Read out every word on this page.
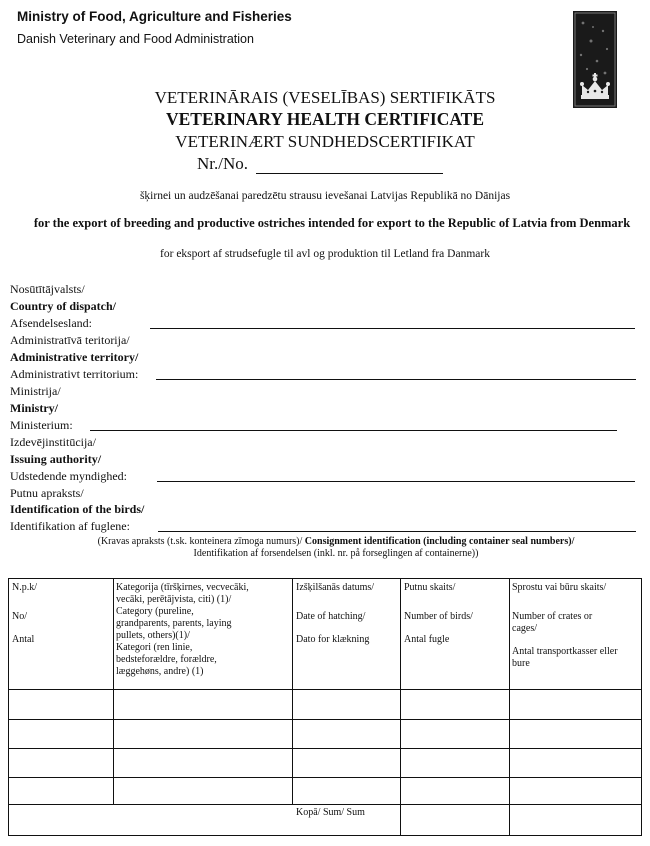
Ministry of Food, Agriculture and Fisheries
Danish Veterinary and Food Administration
VETERINĀRAIS (VESELĪBAS) SERTIFIKĀTS
VETERINARY HEALTH CERTIFICATE
VETERINÆRT SUNDHEDSCERTIFIKAT
Nr./No.
šķirnei un audzēšanai paredzētu strausu ievešanai Latvijas Republikā no Dānijas
for the export of breeding and productive ostriches intended for export to the Republic of Latvia from Denmark
for eksport af strudsefugle til avl og produktion til Letland fra Danmark
Nosūtītājvalsts/
Country of dispatch/
Afsendelsesland:
Administratīvā teritorija/
Administrative territory/
Administrativt territorium:
Ministrija/
Ministry/
Ministerium:
Izdevējinstitūcija/
Issuing authority/
Udstedende myndighed:
Putnu apraksts/
Identification of the birds/
Identifikation af fuglene:
(Kravas apraksts (t.sk. konteinera zīmoga numurs)/ Consignment identification (including container seal numbers)/
Identifikation af forsendelsen (inkl. nr. på forseglingen af containerne))
N.p.k/
No/
Antal
Kategorija (tīršķirnes, vecvecāki,
vecāki, perētājvista, citi) (1)/
Category (pureline,
grandparents, parents, laying
pullets, others)(1)/
Kategori (ren linie,
bedsteforældre, forældre,
læggehøns, andre) (1)
Izšķilšanās datums/
Date of hatching/
Dato for klækning
Putnu skaits/
Number of birds/
Antal fugle
Sprostu vai būru skaits/
Number of crates or
cages/
Antal transportkasser eller
bure
Kopā/ Sum/ Sum
